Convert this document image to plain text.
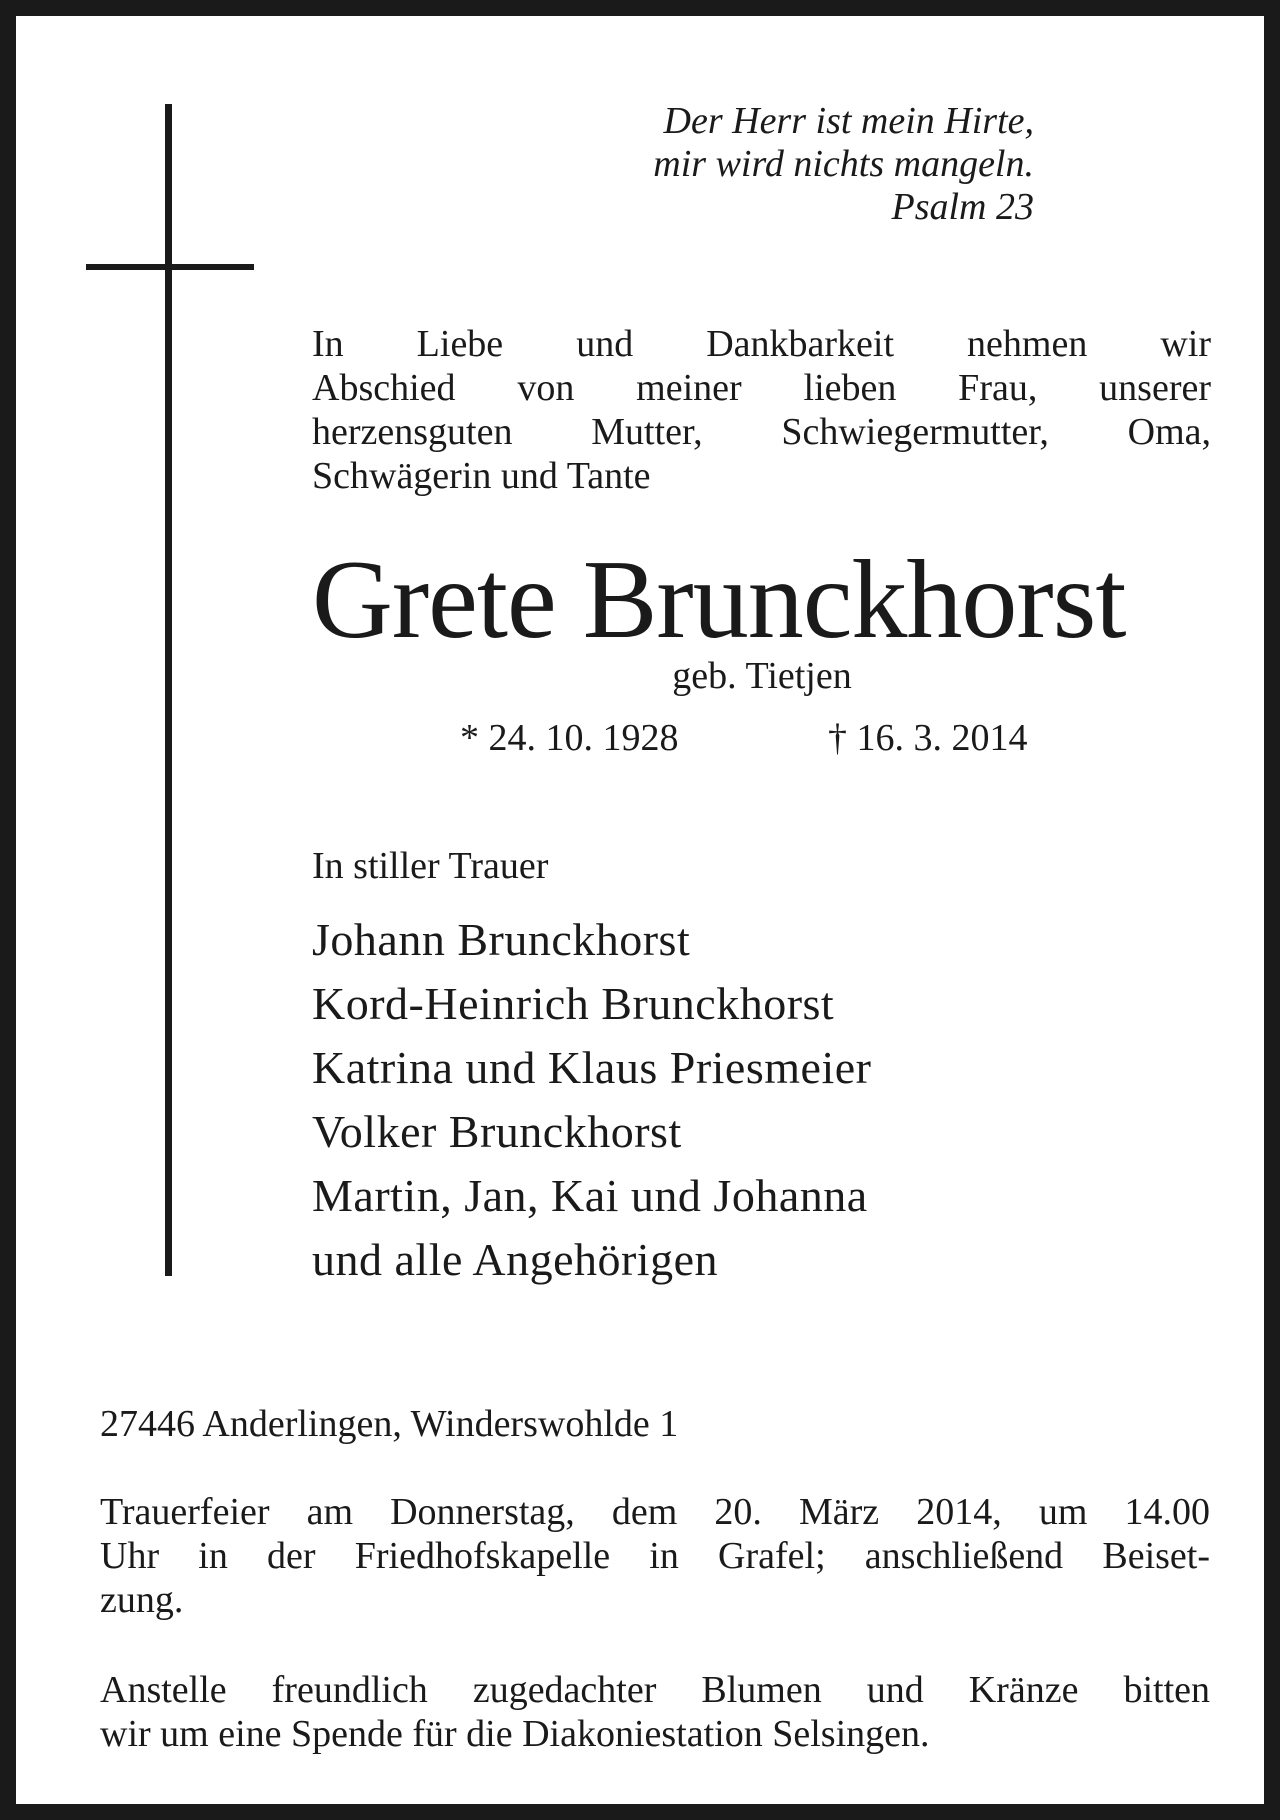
Der Herr ist mein Hirte,
mir wird nichts mangeln.
Psalm 23
In Liebe und Dankbarkeit nehmen wir
Abschied von meiner lieben Frau, unserer
herzensguten Mutter, Schwiegermutter, Oma,
Schwägerin und Tante
Grete Brunckhorst
geb. Tietjen
* 24. 10. 1928	† 16. 3. 2014
In stiller Trauer
Johann Brunckhorst
Kord-Heinrich Brunckhorst
Katrina und Klaus Priesmeier
Volker Brunckhorst
Martin, Jan, Kai und Johanna
und alle Angehörigen
27446 Anderlingen, Winderswohlde 1
Trauerfeier am Donnerstag, dem 20. März 2014, um 14.00
Uhr in der Friedhofskapelle in Grafel; anschließend Beiset-
zung.
Anstelle freundlich zugedachter Blumen und Kränze bitten
wir um eine Spende für die Diakoniestation Selsingen.
